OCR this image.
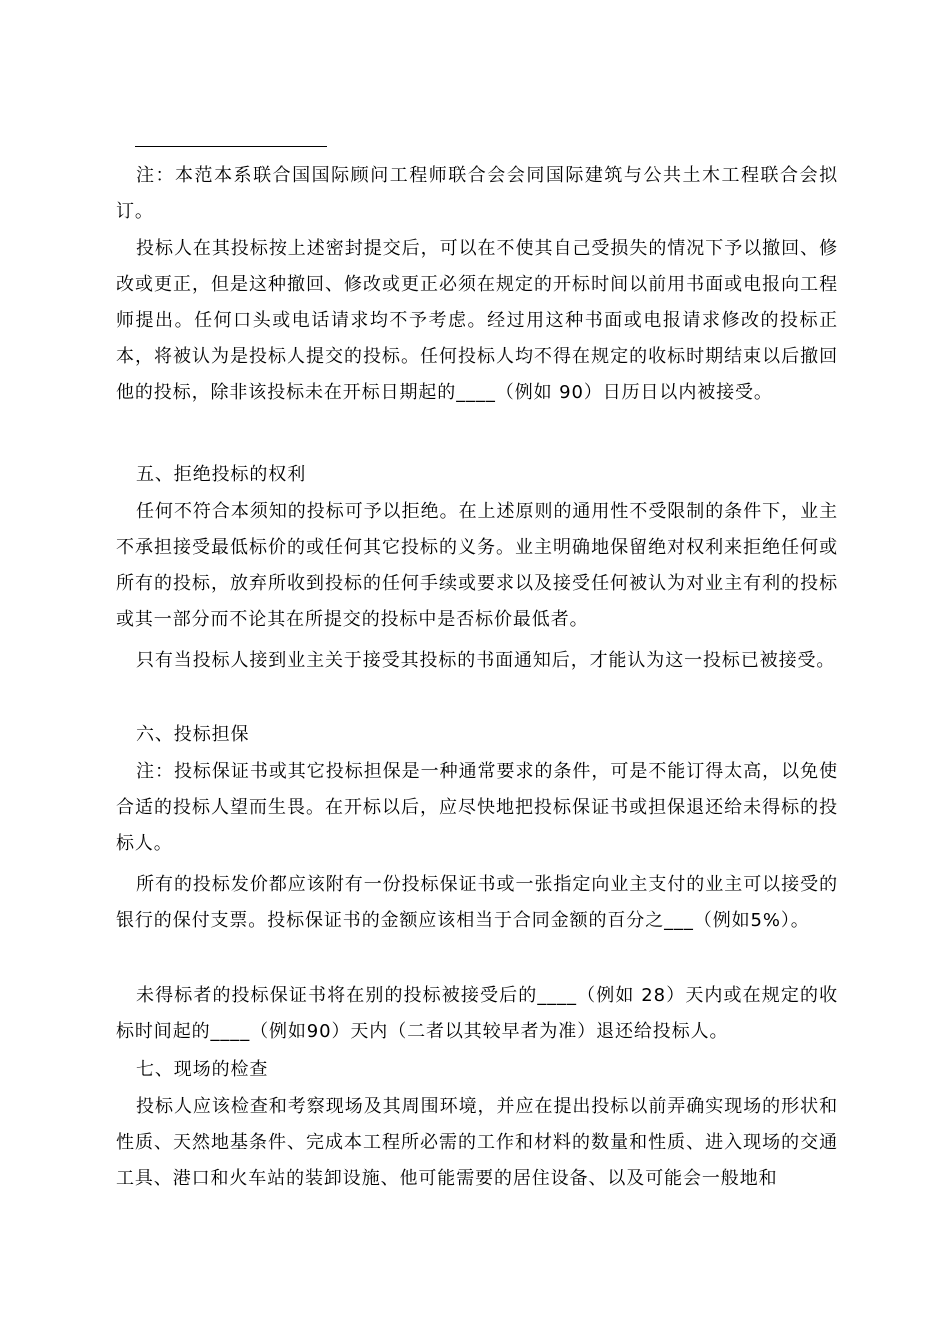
注：本范本系联合国国际顾问工程师联合会会同国际建筑与公共土木工程联合会拟订。

投标人在其投标按上述密封提交后，可以在不使其自己受损失的情况下予以撤回、修改或更正，但是这种撤回、修改或更正必须在规定的开标时间以前用书面或电报向工程师提出。任何口头或电话请求均不予考虑。经过用这种书面或电报请求修改的投标正本，将被认为是投标人提交的投标。任何投标人均不得在规定的收标时期结束以后撤回他的投标，除非该投标未在开标日期起的____（例如 90）日历日以内被接受。

五、拒绝投标的权利

任何不符合本须知的投标可予以拒绝。在上述原则的通用性不受限制的条件下，业主不承担接受最低标价的或任何其它投标的义务。业主明确地保留绝对权利来拒绝任何或所有的投标，放弃所收到投标的任何手续或要求以及接受任何被认为对业主有利的投标或其一部分而不论其在所提交的投标中是否标价最低者。

只有当投标人接到业主关于接受其投标的书面通知后，才能认为这一投标已被接受。

六、投标担保

注：投标保证书或其它投标担保是一种通常要求的条件，可是不能订得太高，以免使合适的投标人望而生畏。在开标以后，应尽快地把投标保证书或担保退还给未得标的投标人。

所有的投标发价都应该附有一份投标保证书或一张指定向业主支付的业主可以接受的银行的保付支票。投标保证书的金额应该相当于合同金额的百分之___（例如5%）。

未得标者的投标保证书将在别的投标被接受后的____（例如 28）天内或在规定的收标时间起的____（例如90）天内（二者以其较早者为准）退还给投标人。

七、现场的检查

投标人应该检查和考察现场及其周围环境，并应在提出投标以前弄确实现场的形状和性质、天然地基条件、完成本工程所必需的工作和材料的数量和性质、进入现场的交通工具、港口和火车站的装卸设施、他可能需要的居住设备、以及可能会一般地和
